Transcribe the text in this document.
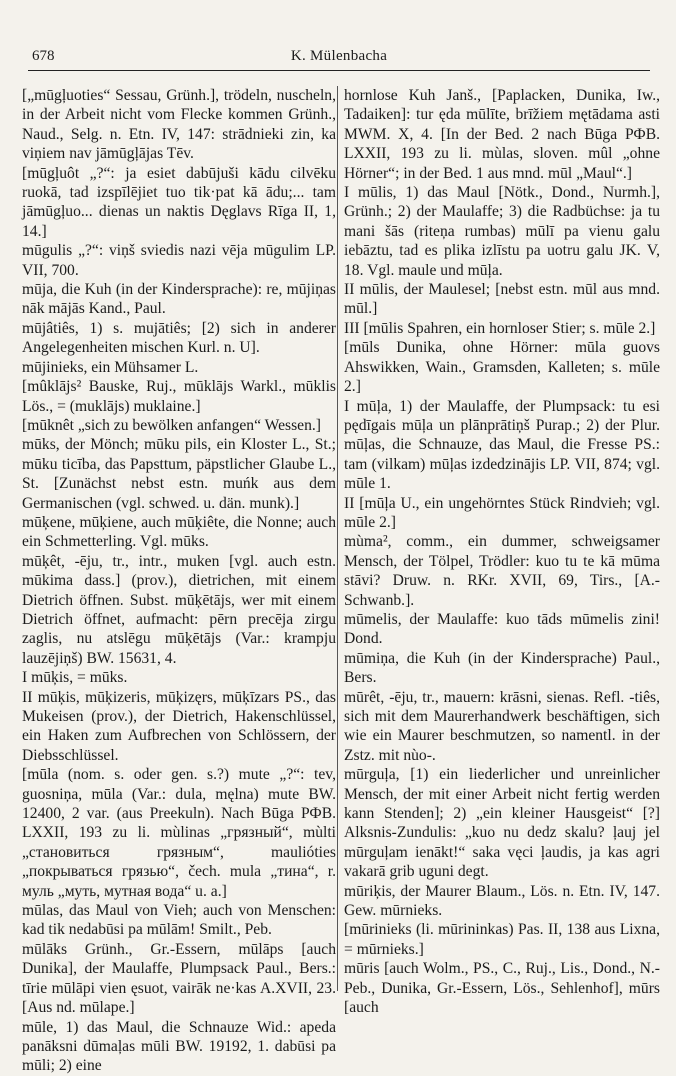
678	K. Mülenbacha

[„mūgļuoties“ Sessau, Grünh.], trödeln, nuscheln, in der Arbeit nicht vom Flecke kommen Grünh., Naud., Selg. n. Etn. IV, 147: strādnieki zin, ka viņiem nav jāmūgļājas Tēv.

[mūgļuôt „?“: ja esiet dabūjuši kādu cilvēku ruokā, tad izspīlējiet tuo tik·pat kā ādu;... tam jāmūgļuo... dienas un naktis Dęglavs Rīga II, 1, 14.]

mūgulis „?“: viņš sviedis nazi vēja mūgulim LP. VII, 700.

mūja, die Kuh (in der Kindersprache): re, mūjiņas nāk mājās Kand., Paul.

mūjâtiês, 1) s. mujātiês; [2) sich in anderer Angelegenheiten mischen Kurl. n. U].

mūjinieks, ein Mühsamer L.

[mûklājs² Bauske, Ruj., mūklājs Warkl., mūklis Lös., = (muklājs) muklaine.]

[mūknêt „sich zu bewölken anfangen“ Wessen.]

mūks, der Mönch; mūku pils, ein Kloster L., St.; mūku ticība, das Papsttum, päpstlicher Glaube L., St. [Zunächst nebst estn. muńk aus dem Germanischen (vgl. schwed. u. dän. munk).]

mūķene, mūķiene, auch mūķiête, die Nonne; auch ein Schmetterling. Vgl. mūks.

mūķêt, -ēju, tr., intr., muken [vgl. auch estn. mūkima dass.] (prov.), dietrichen, mit einem Dietrich öffnen. Subst. mūķētājs, wer mit einem Dietrich öffnet, aufmacht: pērn precēja zirgu zaglis, nu atslēgu mūķētājs (Var.: krampju lauzējiņš) BW. 15631, 4.

I mūķis, = mūks.

II mūķis, mūķizeris, mūķizęrs, mūķīzars PS., das Mukeisen (prov.), der Dietrich, Hakenschlüssel, ein Haken zum Aufbrechen von Schlössern, der Diebsschlüssel.

[mūla (nom. s. oder gen. s.?) mute „?“: tev, guosniņa, mūla (Var.: dula, męlna) mute BW. 12400, 2 var. (aus Preekuln). Nach Būga РФВ. LXXII, 193 zu li. mùlinas „грязный“, mùlti „становиться грязным“, mauliótiеs „покрываться грязью“, čech. mula „тина“, r. муль „муть, мутная вода“ u. a.]

mūlas, das Maul von Vieh; auch von Menschen: kad tik nedabūsi pa mūlām! Smilt., Peb.

mūlāks Grünh., Gr.-Essern, mūlāps [auch Dunika], der Maulaffe, Plumpsack Paul., Bers.: tīrie mūlāpi vien ęsuot, vairāk ne·kas A.XVII, 23. [Aus nd. mūlape.]

mūle, 1) das Maul, die Schnauze Wid.: apeda panāksni dūmaļas mūli BW. 19192, 1. dabūsi pa mūli; 2) eine

hornlose Kuh Janš., [Paplacken, Dunika, Iw., Tadaiken]: tur ęda mūlīte, brīžiem mętādama asti MWM. X, 4. [In der Bed. 2 nach Būga РФВ. LXXII, 193 zu li. mùlas, sloven. mûl „ohne Hörner“; in der Bed. 1 aus mnd. mūl „Maul“.]

I mūlis, 1) das Maul [Nötk., Dond., Nurmh.], Grünh.; 2) der Maulaffe; 3) die Radbüchse: ja tu mani šās (riteņa rumbas) mūlī pa vienu galu iebāztu, tad es plika izlīstu pa uotru galu JK. V, 18. Vgl. maule und mūļa.

II mūlis, der Maulesel; [nebst estn. mūl aus mnd. mūl.]

III [mūlis Spahren, ein hornloser Stier; s. mūle 2.]

[mūls Dunika, ohne Hörner: mūla guovs Ahswikken, Wain., Gramsden, Kalleten; s. mūle 2.]

I mūļa, 1) der Maulaffe, der Plumpsack: tu esi pędīgais mūļa un plānprātiņš Purap.; 2) der Plur. mūļas, die Schnauze, das Maul, die Fresse PS.: tam (vilkam) mūļas izdedzinājis LP. VII, 874; vgl. mūle 1.

II [mūļa U., ein ungehörntes Stück Rindvieh; vgl. mūle 2.]

mùma², comm., ein dummer, schweigsamer Mensch, der Tölpel, Trödler: kuo tu te kā mūma stāvi? Druw. n. RKr. XVII, 69, Tirs., [A.-Schwanb.].

mūmelis, der Maulaffe: kuo tāds mūmelis zini! Dond.

mūmiņa, die Kuh (in der Kindersprache) Paul., Bers.

mūrêt, -ēju, tr., mauern: krāsni, sienas. Refl. -tiês, sich mit dem Maurerhandwerk beschäftigen, sich wie ein Maurer beschmutzen, so namentl. in der Zstz. mit nùo-.

mūrguļa, [1) ein liederlicher und unreinlicher Mensch, der mit einer Arbeit nicht fertig werden kann Stenden]; 2) „ein kleiner Hausgeist“ [?] Alksnis-Zundulis: „kuo nu dedz skalu? ļauj jel mūrguļam ienākt!“ saka vęci ļaudis, ja kas agri vakarā grib uguni degt.

mūriķis, der Maurer Blaum., Lös. n. Etn. IV, 147. Gew. mūrnieks.

[mūrinieks (li. mūrininkas) Pas. II, 138 aus Lixna, = mūrnieks.]

mūris [auch Wolm., PS., C., Ruj., Lis., Dond., N.-Peb., Dunika, Gr.-Essern, Lös., Sehlenhof], mūrs [auch
